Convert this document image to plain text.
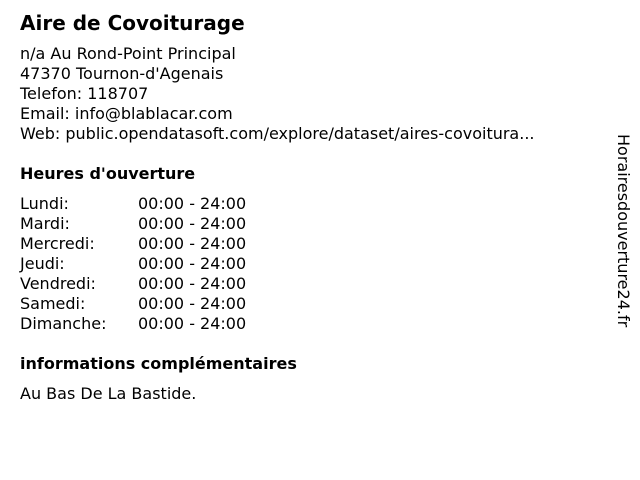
Aire de Covoiturage
n/a Au Rond-Point Principal
47370 Tournon-d'Agenais
Telefon: 118707
Email: info@blablacar.com
Web: public.opendatasoft.com/explore/dataset/aires-covoitura...
Heures d'ouverture
Lundi:	00:00 - 24:00
Mardi:	00:00 - 24:00
Mercredi:	00:00 - 24:00
Jeudi:	00:00 - 24:00
Vendredi:	00:00 - 24:00
Samedi:	00:00 - 24:00
Dimanche: 00:00 - 24:00
informations complémentaires
Au Bas De La Bastide.
Horairesdouverture24.fr
